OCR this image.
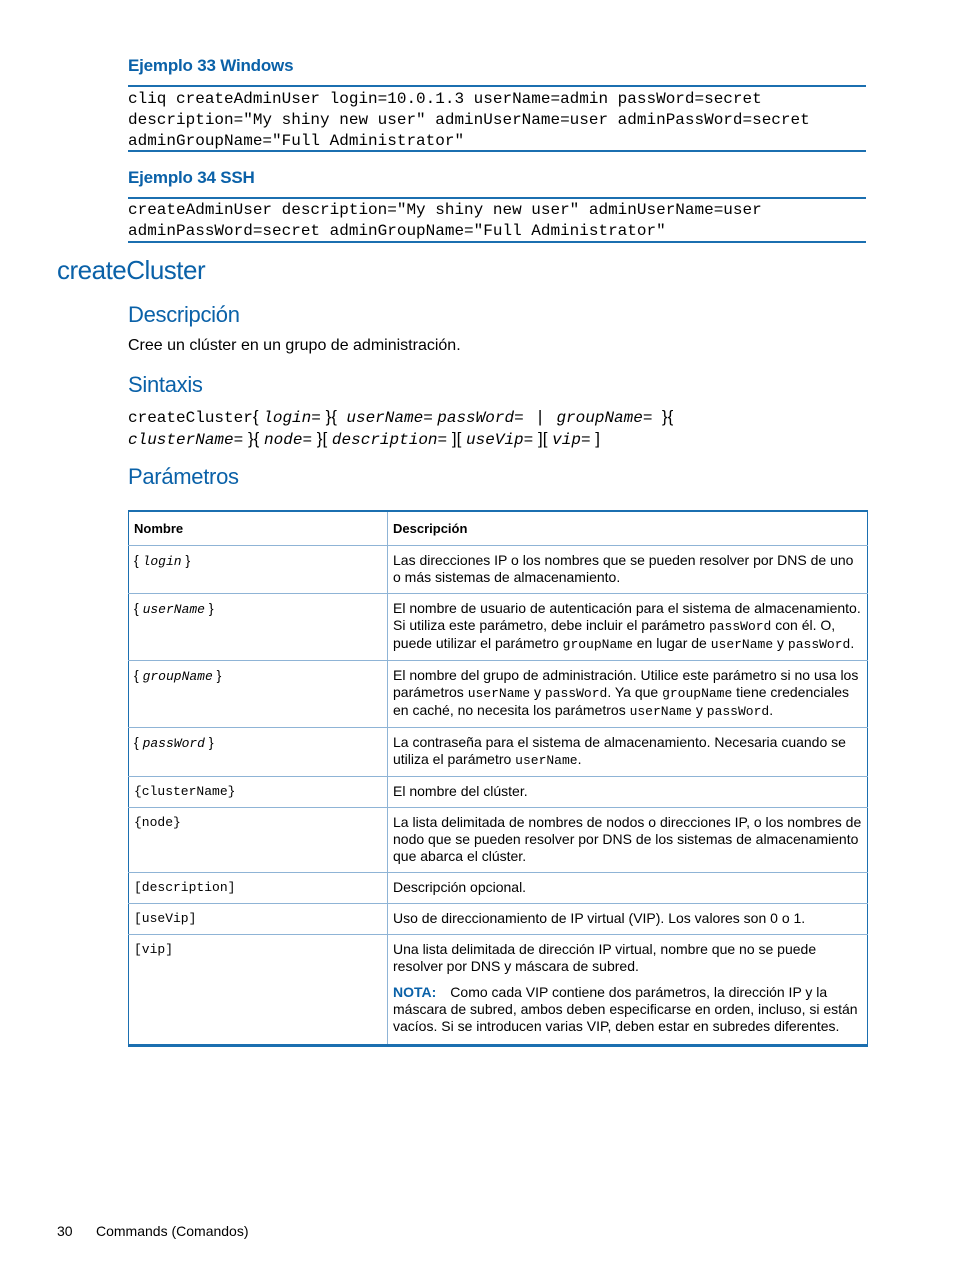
Ejemplo 33 Windows
cliq createAdminUser login=10.0.1.3 userName=admin passWord=secret
description="My shiny new user" adminUserName=user adminPassWord=secret
adminGroupName="Full Administrator"
Ejemplo 34 SSH
createAdminUser description="My shiny new user" adminUserName=user
adminPassWord=secret adminGroupName="Full Administrator"
createCluster
Descripción
Cree un clúster en un grupo de administración.
Sintaxis
createCluster{ login= }{  userName= passWord= | groupName=  }{
clusterName= }{ node= }[ description= ][ useVip= ][ vip= ]
Parámetros
Nombre	Descripción
{ login }	Las direcciones IP o los nombres que se pueden resolver por DNS de uno o más sistemas de almacenamiento.
{ userName }	El nombre de usuario de autenticación para el sistema de almacenamiento. Si utiliza este parámetro, debe incluir el parámetro passWord con él. O, puede utilizar el parámetro groupName en lugar de userName y passWord.
{ groupName }	El nombre del grupo de administración. Utilice este parámetro si no usa los parámetros userName y passWord. Ya que groupName tiene credenciales en caché, no necesita los parámetros userName y passWord.
{ passWord }	La contraseña para el sistema de almacenamiento. Necesaria cuando se utiliza el parámetro userName.
{clusterName}	El nombre del clúster.
{node}	La lista delimitada de nombres de nodos o direcciones IP, o los nombres de nodo que se pueden resolver por DNS de los sistemas de almacenamiento que abarca el clúster.
[description]	Descripción opcional.
[useVip]	Uso de direccionamiento de IP virtual (VIP). Los valores son 0 o 1.
[vip]	Una lista delimitada de dirección IP virtual, nombre que no se puede resolver por DNS y máscara de subred.
NOTA: Como cada VIP contiene dos parámetros, la dirección IP y la máscara de subred, ambos deben especificarse en orden, incluso, si están vacíos. Si se introducen varias VIP, deben estar en subredes diferentes.
30 Commands (Comandos)
